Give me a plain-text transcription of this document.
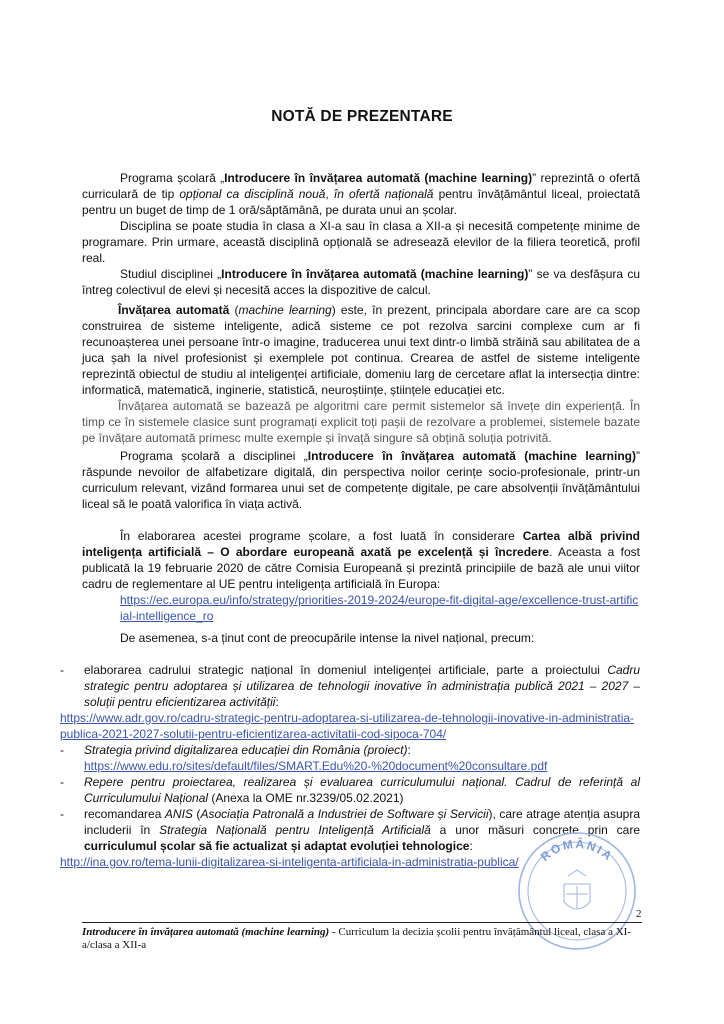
NOTĂ DE PREZENTARE

Programa școlară „Introducere în învățarea automată (machine learning)” reprezintă o ofertă curriculară de tip opțional ca disciplină nouă, în ofertă națională pentru învățământul liceal, proiectată pentru un buget de timp de 1 oră/săptămână, pe durata unui an școlar.

Disciplina se poate studia în clasa a XI-a sau în clasa a XII-a și necesită competențe minime de programare. Prin urmare, această disciplină opțională se adresează elevilor de la filiera teoretică, profil real.

Studiul disciplinei „Introducere în învățarea automată (machine learning)” se va desfășura cu întreg colectivul de elevi și necesită acces la dispozitive de calcul.

Învățarea automată (machine learning) este, în prezent, principala abordare care are ca scop construirea de sisteme inteligente, adică sisteme ce pot rezolva sarcini complexe cum ar fi recunoașterea unei persoane într-o imagine, traducerea unui text dintr-o limbă străină sau abilitatea de a juca șah la nivel profesionist și exemplele pot continua. Crearea de astfel de sisteme inteligente reprezintă obiectul de studiu al inteligenței artificiale, domeniu larg de cercetare aflat la intersecția dintre: informatică, matematică, inginerie, statistică, neuroștiințe, științele educației etc.

Învățarea automată se bazează pe algoritmi care permit sistemelor să învețe din experiență. În timp ce în sistemele clasice sunt programați explicit toți pașii de rezolvare a problemei, sistemele bazate pe învățare automată primesc multe exemple și învață singure să obțină soluția potrivită.

Programa școlară a disciplinei „Introducere în învățarea automată (machine learning)” răspunde nevoilor de alfabetizare digitală, din perspectiva noilor cerințe socio-profesionale, printr-un curriculum relevant, vizând formarea unui set de competențe digitale, pe care absolvenții învățământului liceal să le poată valorifica în viața activă.

În elaborarea acestei programe școlare, a fost luată în considerare Cartea albă privind inteligența artificială – O abordare europeană axată pe excelență și încredere. Aceasta a fost publicată la 19 februarie 2020 de către Comisia Europeană și prezintă principiile de bază ale unui viitor cadru de reglementare al UE pentru inteligența artificială în Europa:

https://ec.europa.eu/info/strategy/priorities-2019-2024/europe-fit-digital-age/excellence-trust-artificial-intelligence_ro

De asemenea, s-a ținut cont de preocupările intense la nivel național, precum:

- elaborarea cadrului strategic național în domeniul inteligenței artificiale, parte a proiectului Cadru strategic pentru adoptarea și utilizarea de tehnologii inovative în administrația publică 2021 – 2027 – soluții pentru eficientizarea activității:

https://www.adr.gov.ro/cadru-strategic-pentru-adoptarea-si-utilizarea-de-tehnologii-inovative-in-administratia-publica-2021-2027-solutii-pentru-eficientizarea-activitatii-cod-sipoca-704/

- Strategia privind digitalizarea educației din România (proiect):

https://www.edu.ro/sites/default/files/SMART.Edu%20-%20document%20consultare.pdf

- Repere pentru proiectarea, realizarea și evaluarea curriculumului național. Cadrul de referință al Curriculumului Național (Anexa la OME nr.3239/05.02.2021)

- recomandarea ANIS (Asociația Patronală a Industriei de Software și Servicii), care atrage atenția asupra includerii în Strategia Națională pentru Inteligență Artificială a unor măsuri concrete prin care curriculumul școlar să fie actualizat și adaptat evoluției tehnologice:

http://ina.gov.ro/tema-lunii-digitalizarea-si-inteligenta-artificiala-in-administratia-publica/	ROMÂNIA
2
Introducere în învățarea automată (machine learning) - Curriculum la decizia școlii pentru învățământul liceal, clasa a XI-a/clasa a XII-a
